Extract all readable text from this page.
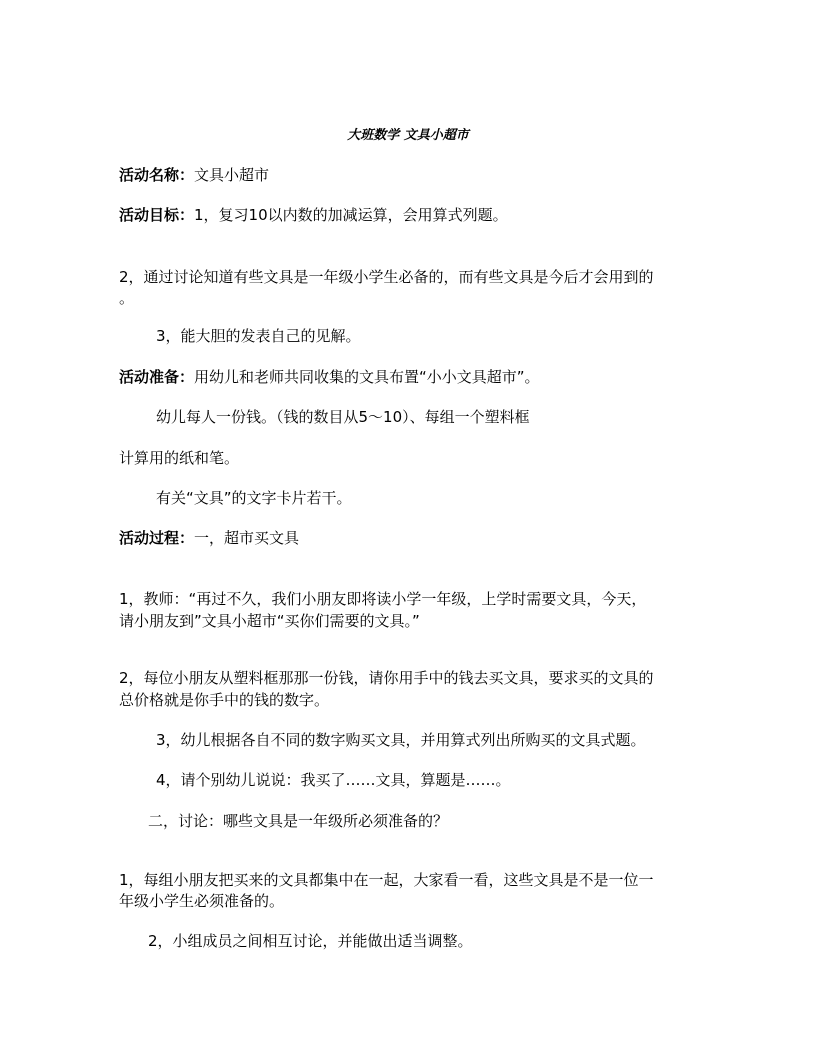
大班数学 文具小超市

活动名称：文具小超市

活动目标：1，复习10以内数的加减运算，会用算式列题。

2，通过讨论知道有些文具是一年级小学生必备的，而有些文具是今后才会用到的

。

3，能大胆的发表自己的见解。

活动准备：用幼儿和老师共同收集的文具布置“小小文具超市”。

幼儿每人一份钱。（钱的数目从5～10）、每组一个塑料框

计算用的纸和笔。

有关“文具”的文字卡片若干。

活动过程：一，超市买文具

1，教师：“再过不久，我们小朋友即将读小学一年级，上学时需要文具，今天，

请小朋友到”文具小超市“买你们需要的文具。”

2，每位小朋友从塑料框那那一份钱，请你用手中的钱去买文具，要求买的文具的

总价格就是你手中的钱的数字。

3，幼儿根据各自不同的数字购买文具，并用算式列出所购买的文具式题。

4，请个别幼儿说说：我买了……文具，算题是……。

二，讨论：哪些文具是一年级所必须准备的？

1，每组小朋友把买来的文具都集中在一起，大家看一看，这些文具是不是一位一

年级小学生必须准备的。

2，小组成员之间相互讨论，并能做出适当调整。
